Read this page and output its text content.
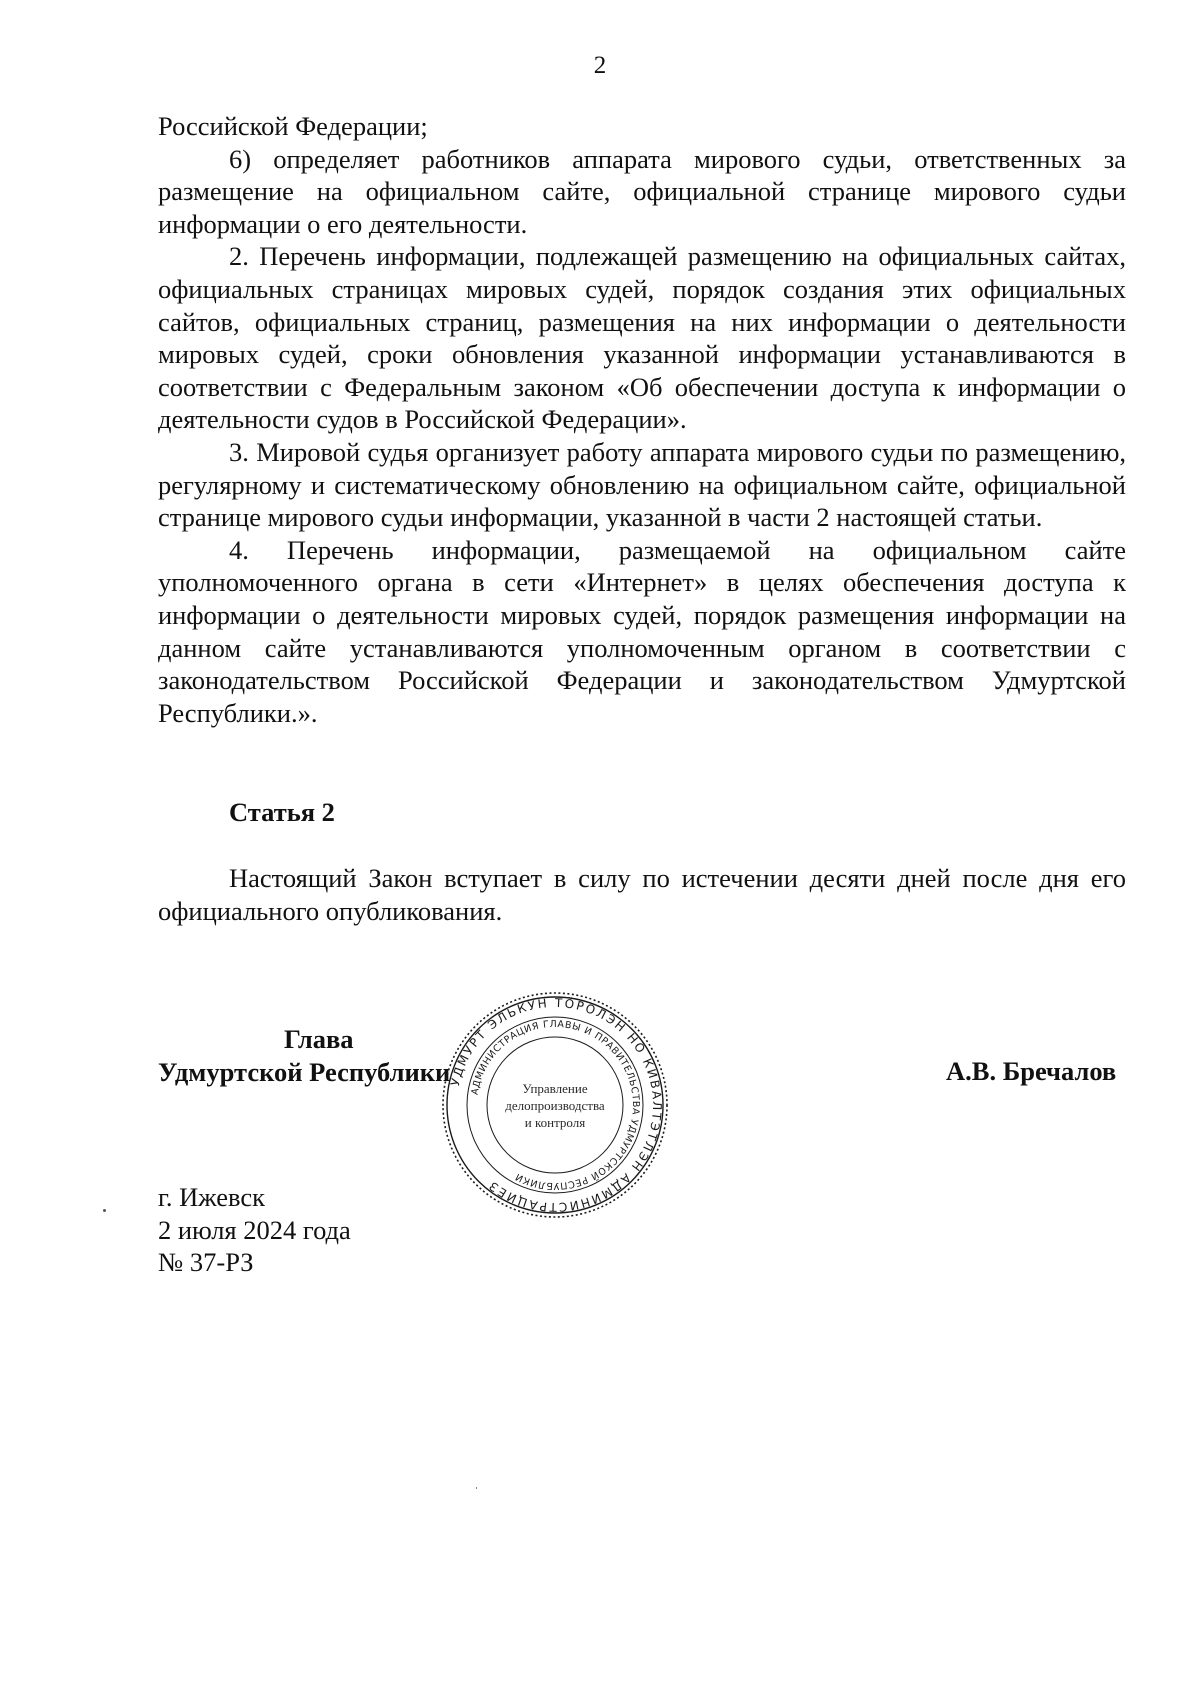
2

Российской Федерации;

6) определяет работников аппарата мирового судьи, ответственных за размещение на официальном сайте, официальной странице мирового судьи информации о его деятельности.

2. Перечень информации, подлежащей размещению на официальных сайтах, официальных страницах мировых судей, порядок создания этих официальных сайтов, официальных страниц, размещения на них информации о деятельности мировых судей, сроки обновления указанной информации устанавливаются в соответствии с Федеральным законом «Об обеспечении доступа к информации о деятельности судов в Российской Федерации».

3. Мировой судья организует работу аппарата мирового судьи по размещению, регулярному и систематическому обновлению на официальном сайте, официальной странице мирового судьи информации, указанной в части 2 настоящей статьи.

4. Перечень информации, размещаемой на официальном сайте уполномоченного органа в сети «Интернет» в целях обеспечения доступа к информации о деятельности мировых судей, порядок размещения информации на данном сайте устанавливаются уполномоченным органом в соответствии с законодательством Российской Федерации и законодательством Удмуртской Республики.».

Статья 2

Настоящий Закон вступает в силу по истечении десяти дней после дня его официального опубликования.

Глава
Удмуртской Республики	А.В. Бречалов
УДМУРТ ЭЛЬКУН ТӦРОЛЭН НО КИВАЛТЭТЛЭН АДМИНИСТРАЦИЕЗ
АДМИНИСТРАЦИЯ ГЛАВЫ И ПРАВИТЕЛЬСТВА УДМУРТСКОЙ РЕСПУБЛИКИ
Управление
делопроизводства
и контроля
г. Ижевск
2 июля 2024 года
№ 37-РЗ
